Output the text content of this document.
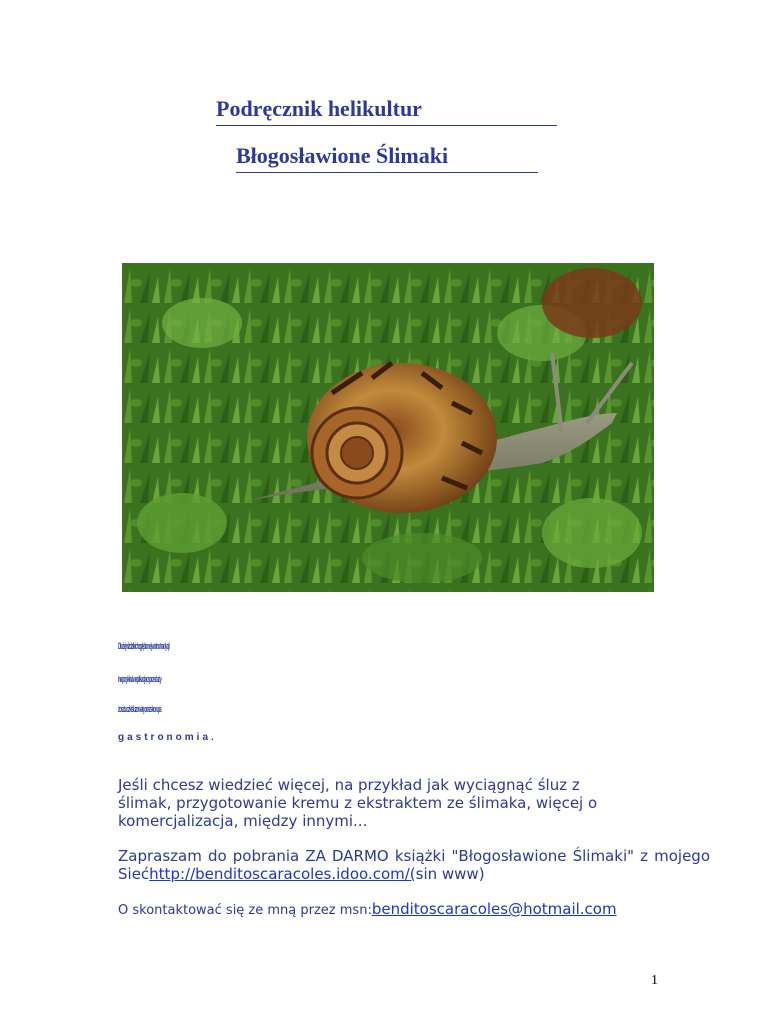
Podręcznik helikultur
Błogosławione Ślimaki
Dłużejniżdzikichzgłębionejwolno tradycji
inaprzykładwaplikacjacsprzedaży
żosztuczkiśluzowatyorazskorupa
gastronomia.
Jeśli chcesz wiedzieć więcej, na przykład jak wyciągnąć śluz z
ślimak, przygotowanie kremu z ekstraktem ze ślimaka, więcej o
komercjalizacja, między innymi...
Zapraszam do pobrania ZA DARMO książki "Błogosławione Ślimaki" z mojego
Siećhttp://benditoscaracoles.idoo.com/(sin www)
O skontaktować się ze mną przez msn:benditoscaracoles@hotmail.com
1
